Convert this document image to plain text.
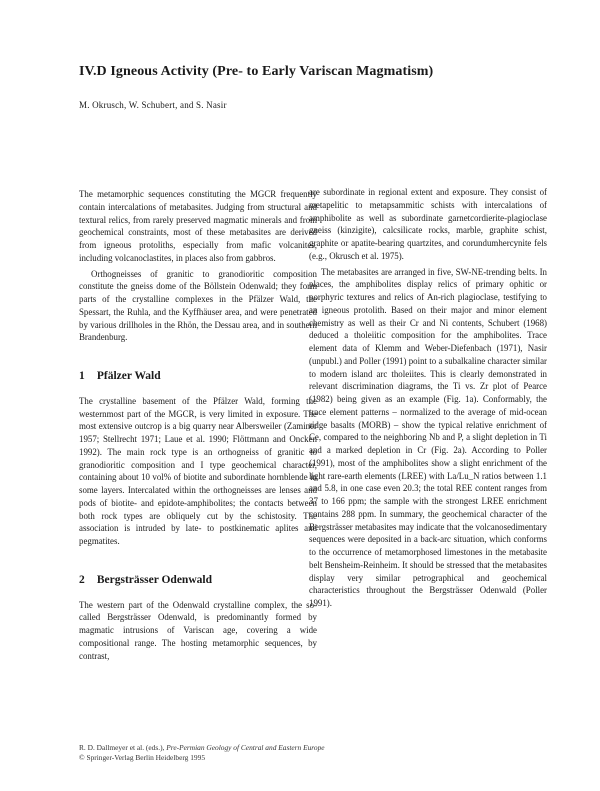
IV.D Igneous Activity (Pre- to Early Variscan Magmatism)
M. Okrusch, W. Schubert, and S. Nasir

The metamorphic sequences constituting the MGCR frequently contain intercalations of metabasites. Judging from structural and textural relics, from rarely preserved magmatic minerals and from geochemical constraints, most of these metabasites are derived from igneous protoliths, especially from mafic volcanites, including volcanoclastites, in places also from gabbros.

Orthogneisses of granitic to granodioritic composition constitute the gneiss dome of the Böllstein Odenwald; they form parts of the crystalline complexes in the Pfälzer Wald, the Spessart, the Ruhla, and the Kyffhäuser area, and were penetrated by various drillholes in the Rhön, the Dessau area, and in southern Brandenburg.

1 Pfälzer Wald

The crystalline basement of the Pfälzer Wald, forming the westernmost part of the MGCR, is very limited in exposure. The most extensive outcrop is a big quarry near Albersweiler (Zaminer 1957; Stellrecht 1971; Laue et al. 1990; Flöttmann and Oncken 1992). The main rock type is an orthogneiss of granitic to granodioritic composition and I type geochemical character, containing about 10 vol% of biotite and subordinate hornblende in some layers. Intercalated within the orthogneisses are lenses and pods of biotite- and epidote-amphibolites; the contacts between both rock types are obliquely cut by the schistosity. The association is intruded by late- to postkinematic aplites and pegmatites.

2 Bergsträsser Odenwald

The western part of the Odenwald crystalline complex, the so-called Bergsträsser Odenwald, is predominantly formed by magmatic intrusions of Variscan age, covering a wide compositional range. The hosting metamorphic sequences, by contrast,

are subordinate in regional extent and exposure. They consist of metapelitic to metapsammitic schists with intercalations of amphibolite as well as subordinate garnetcordierite-plagioclase gneiss (kinzigite), calcsilicate rocks, marble, graphite schist, graphite or apatite-bearing quartzites, and corundumhercynite fels (e.g., Okrusch et al. 1975).

The metabasites are arranged in five, SW-NE-trending belts. In places, the amphibolites display relics of primary ophitic or porphyric textures and relics of An-rich plagioclase, testifying to an igneous protolith. Based on their major and minor element chemistry as well as their Cr and Ni contents, Schubert (1968) deduced a tholeiitic composition for the amphibolites. Trace element data of Klemm and Weber-Diefenbach (1971), Nasir (unpubl.) and Poller (1991) point to a subalkaline character similar to modern island arc tholeiites. This is clearly demonstrated in relevant discrimination diagrams, the Ti vs. Zr plot of Pearce (1982) being given as an example (Fig. 1a). Conformably, the trace element patterns – normalized to the average of mid-ocean ridge basalts (MORB) – show the typical relative enrichment of Ce, compared to the neighboring Nb and P, a slight depletion in Ti and a marked depletion in Cr (Fig. 2a). According to Poller (1991), most of the amphibolites show a slight enrichment of the light rare-earth elements (LREE) with La/Lu_N ratios between 1.1 and 5.8, in one case even 20.3; the total REE content ranges from 37 to 166 ppm; the sample with the strongest LREE enrichment contains 288 ppm. In summary, the geochemical character of the Bergsträsser metabasites may indicate that the volcanosedimentary sequences were deposited in a back-arc situation, which conforms to the occurrence of metamorphosed limestones in the metabasite belt Bensheim-Reinheim. It should be stressed that the metabasites display very similar petrographical and geochemical characteristics throughout the Bergsträsser Odenwald (Poller 1991).

R. D. Dallmeyer et al. (eds.), Pre-Permian Geology of Central and Eastern Europe
© Springer-Verlag Berlin Heidelberg 1995
